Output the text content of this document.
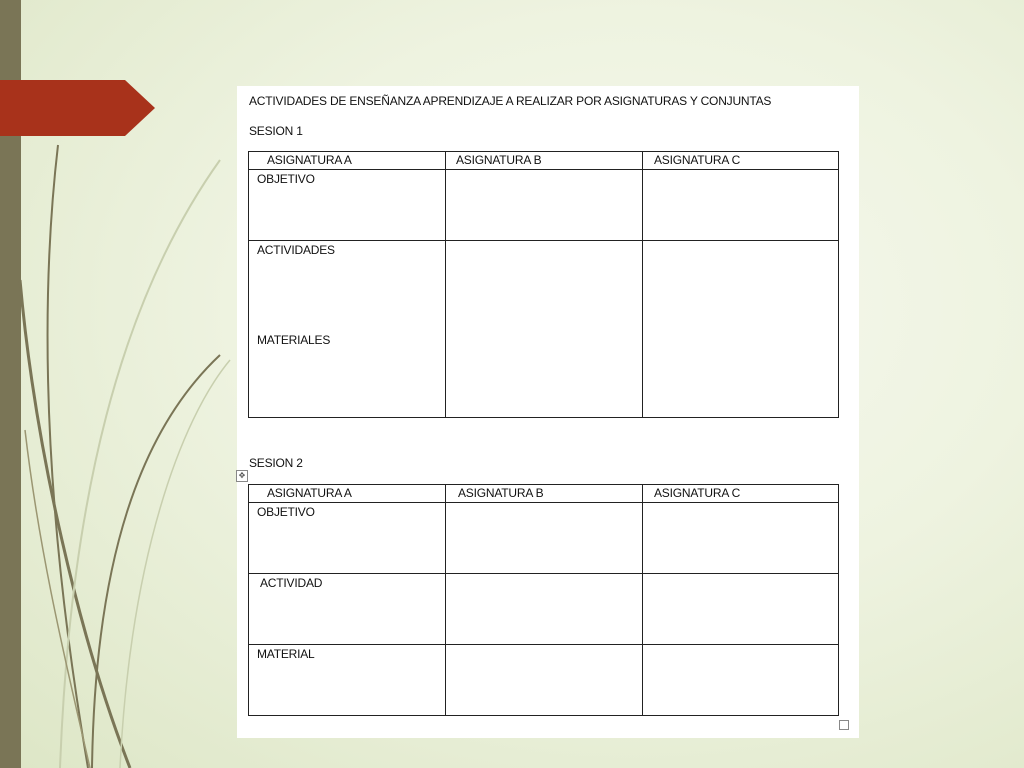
ACTIVIDADES DE ENSEÑANZA APRENDIZAJE A REALIZAR POR ASIGNATURAS Y CONJUNTAS
SESION 1
ASIGNATURA A	ASIGNATURA B	ASIGNATURA C

OBJETIVO		

ACTIVIDADES
MATERIALES		

SESION 2
ASIGNATURA A	ASIGNATURA B	ASIGNATURA C

OBJETIVO		

ACTIVIDAD		

MATERIAL		

✥
